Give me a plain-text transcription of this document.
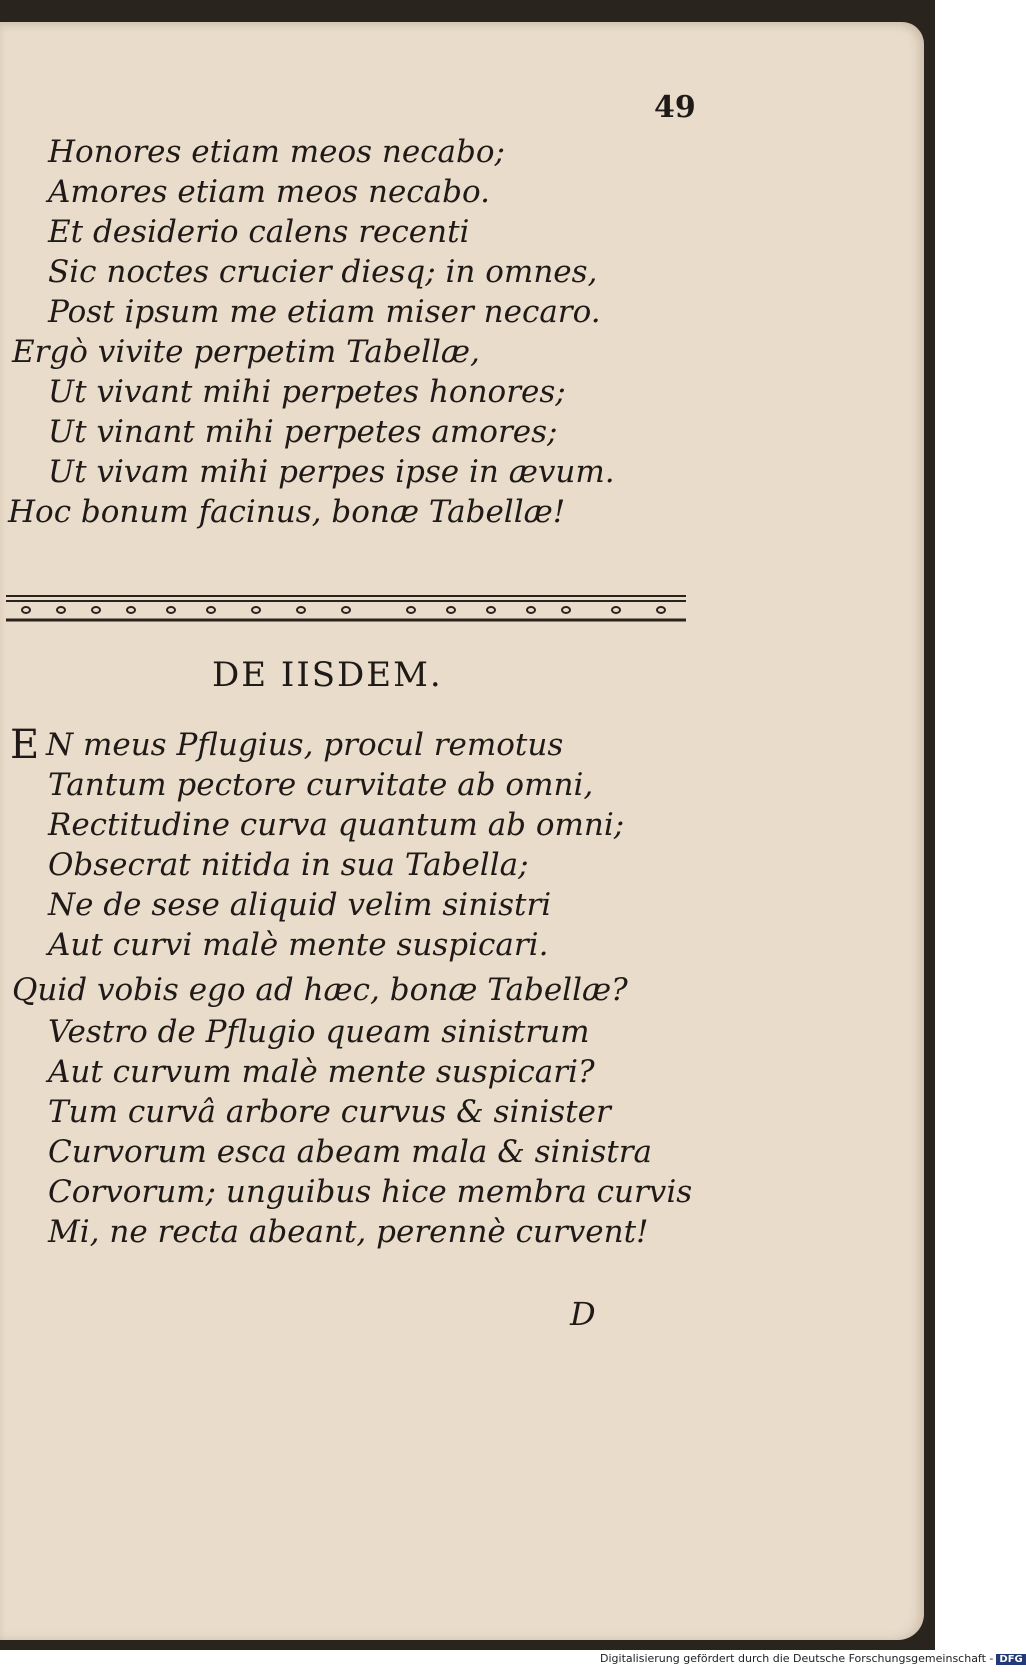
49
Honores etiam meos necabo;
Amores etiam meos necabo.
Et desiderio calens recenti
Sic noctes crucier diesq; in omnes,
Post ipsum me etiam miser necaro.
Ergò vivite perpetim Tabellæ,
Ut vivant mihi perpetes honores;
Ut vinant mihi perpetes amores;
Ut vivam mihi perpes ipse in ævum.
Hoc bonum facinus, bonæ Tabellæ!
DE IISDEM.
E N meus Pflugius, procul remotus
Tantum pectore curvitate ab omni,
Rectitudine curva quantum ab omni;
Obsecrat nitida in sua Tabella;
Ne de sese aliquid velim sinistri
Aut curvi malè mente suspicari.
Quid vobis ego ad hæc, bonæ Tabellæ?
Vestro de Pflugio queam sinistrum
Aut curvum malè mente suspicari?
Tum curvâ arbore curvus & sinister
Curvorum esca abeam mala & sinistra
Corvorum; unguibus hice membra curvis
Mi, ne recta abeant, perennè curvent!
D
Digitalisierung gefördert durch die Deutsche Forschungsgemeinschaft - DFG
